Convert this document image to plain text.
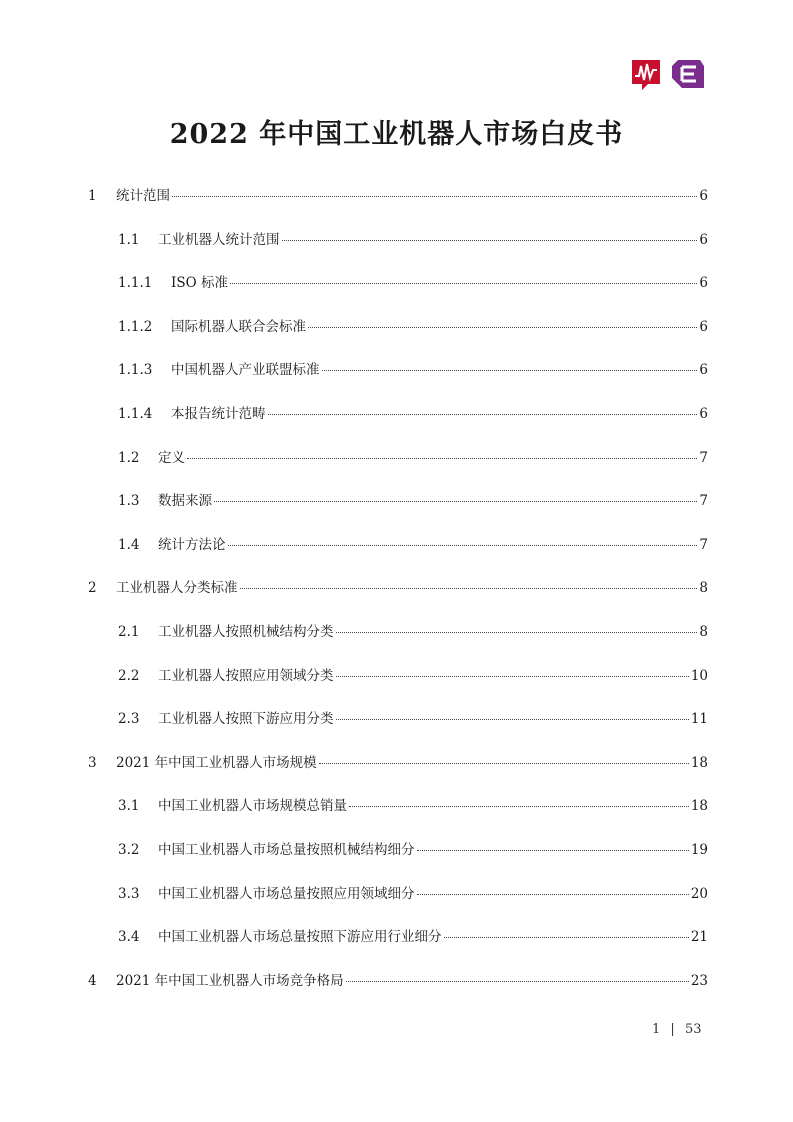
2022 年中国工业机器人市场白皮书
1	统计范围	6
1.1	工业机器人统计范围	6
1.1.1	ISO 标准	6
1.1.2	国际机器人联合会标准	6
1.1.3	中国机器人产业联盟标准	6
1.1.4	本报告统计范畴	6
1.2	定义	7
1.3	数据来源	7
1.4	统计方法论	7
2	工业机器人分类标准	8
2.1	工业机器人按照机械结构分类	8
2.2	工业机器人按照应用领域分类	10
2.3	工业机器人按照下游应用分类	11
3	2021 年中国工业机器人市场规模	18
3.1	中国工业机器人市场规模总销量	18
3.2	中国工业机器人市场总量按照机械结构细分	19
3.3	中国工业机器人市场总量按照应用领域细分	20
3.4	中国工业机器人市场总量按照下游应用行业细分	21
4	2021 年中国工业机器人市场竞争格局	23
1 | 53
